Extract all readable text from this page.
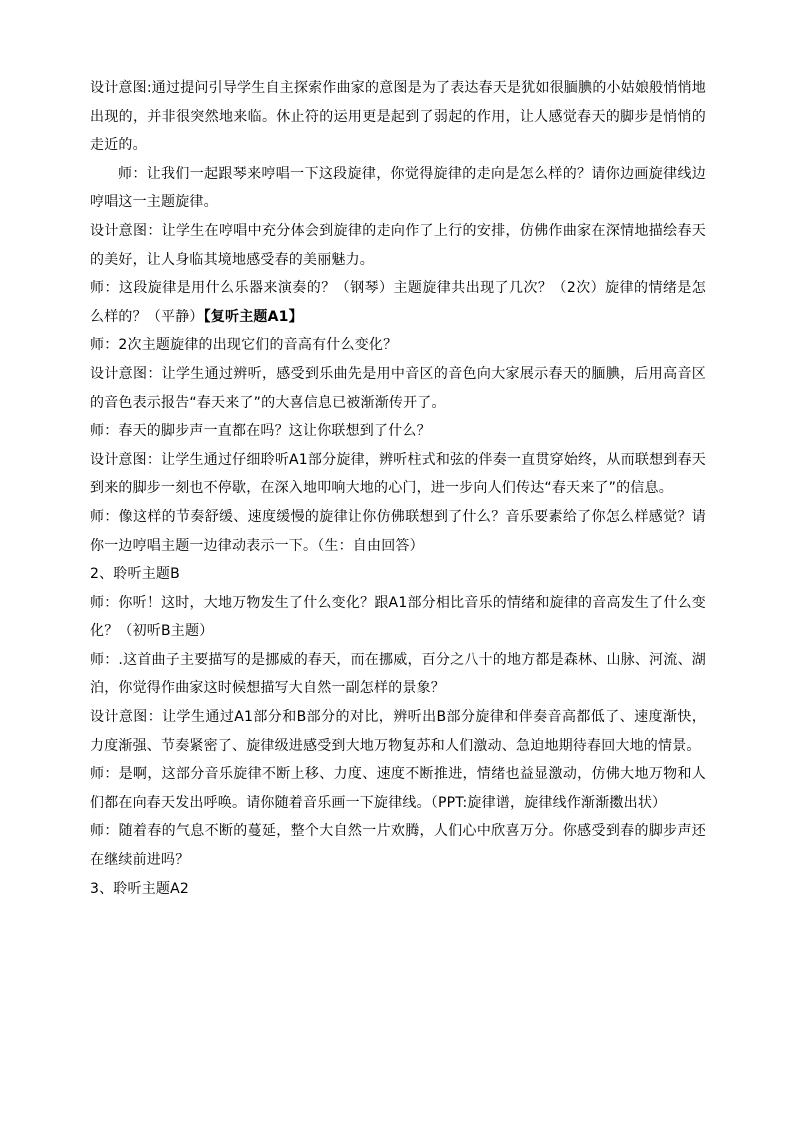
设计意图:通过提问引导学生自主探索作曲家的意图是为了表达春天是犹如很腼腆的小姑娘般悄悄地出现的，并非很突然地来临。休止符的运用更是起到了弱起的作用，让人感觉春天的脚步是悄悄的走近的。

师：让我们一起跟琴来哼唱一下这段旋律，你觉得旋律的走向是怎么样的？请你边画旋律线边哼唱这一主题旋律。

设计意图：让学生在哼唱中充分体会到旋律的走向作了上行的安排，仿佛作曲家在深情地描绘春天的美好，让人身临其境地感受春的美丽魅力。

师：这段旋律是用什么乐器来演奏的？（钢琴）主题旋律共出现了几次？（2次）旋律的情绪是怎么样的？（平静）【复听主题A1】

师：2次主题旋律的出现它们的音高有什么变化？

设计意图：让学生通过辨听，感受到乐曲先是用中音区的音色向大家展示春天的腼腆，后用高音区的音色表示报告“春天来了”的大喜信息已被渐渐传开了。

师：春天的脚步声一直都在吗？这让你联想到了什么？

设计意图：让学生通过仔细聆听A1部分旋律，辨听柱式和弦的伴奏一直贯穿始终，从而联想到春天到来的脚步一刻也不停歇，在深入地叩响大地的心门，进一步向人们传达“春天来了”的信息。

师：像这样的节奏舒缓、速度缓慢的旋律让你仿佛联想到了什么？音乐要素给了你怎么样感觉？请你一边哼唱主题一边律动表示一下。（生：自由回答）

2、聆听主题B

师：你听！这时，大地万物发生了什么变化？跟A1部分相比音乐的情绪和旋律的音高发生了什么变化？（初听B主题）

师：.这首曲子主要描写的是挪威的春天，而在挪威，百分之八十的地方都是森林、山脉、河流、湖泊，你觉得作曲家这时候想描写大自然一副怎样的景象？

设计意图：让学生通过A1部分和B部分的对比，辨听出B部分旋律和伴奏音高都低了、速度渐快，力度渐强、节奏紧密了、旋律级进感受到大地万物复苏和人们激动、急迫地期待春回大地的情景。

师：是啊，这部分音乐旋律不断上移、力度、速度不断推进，情绪也益显激动，仿佛大地万物和人们都在向春天发出呼唤。请你随着音乐画一下旋律线。（PPT:旋律谱，旋律线作渐渐擞出状）

师：随着春的气息不断的蔓延，整个大自然一片欢腾，人们心中欣喜万分。你感受到春的脚步声还在继续前进吗？

3、聆听主题A2
